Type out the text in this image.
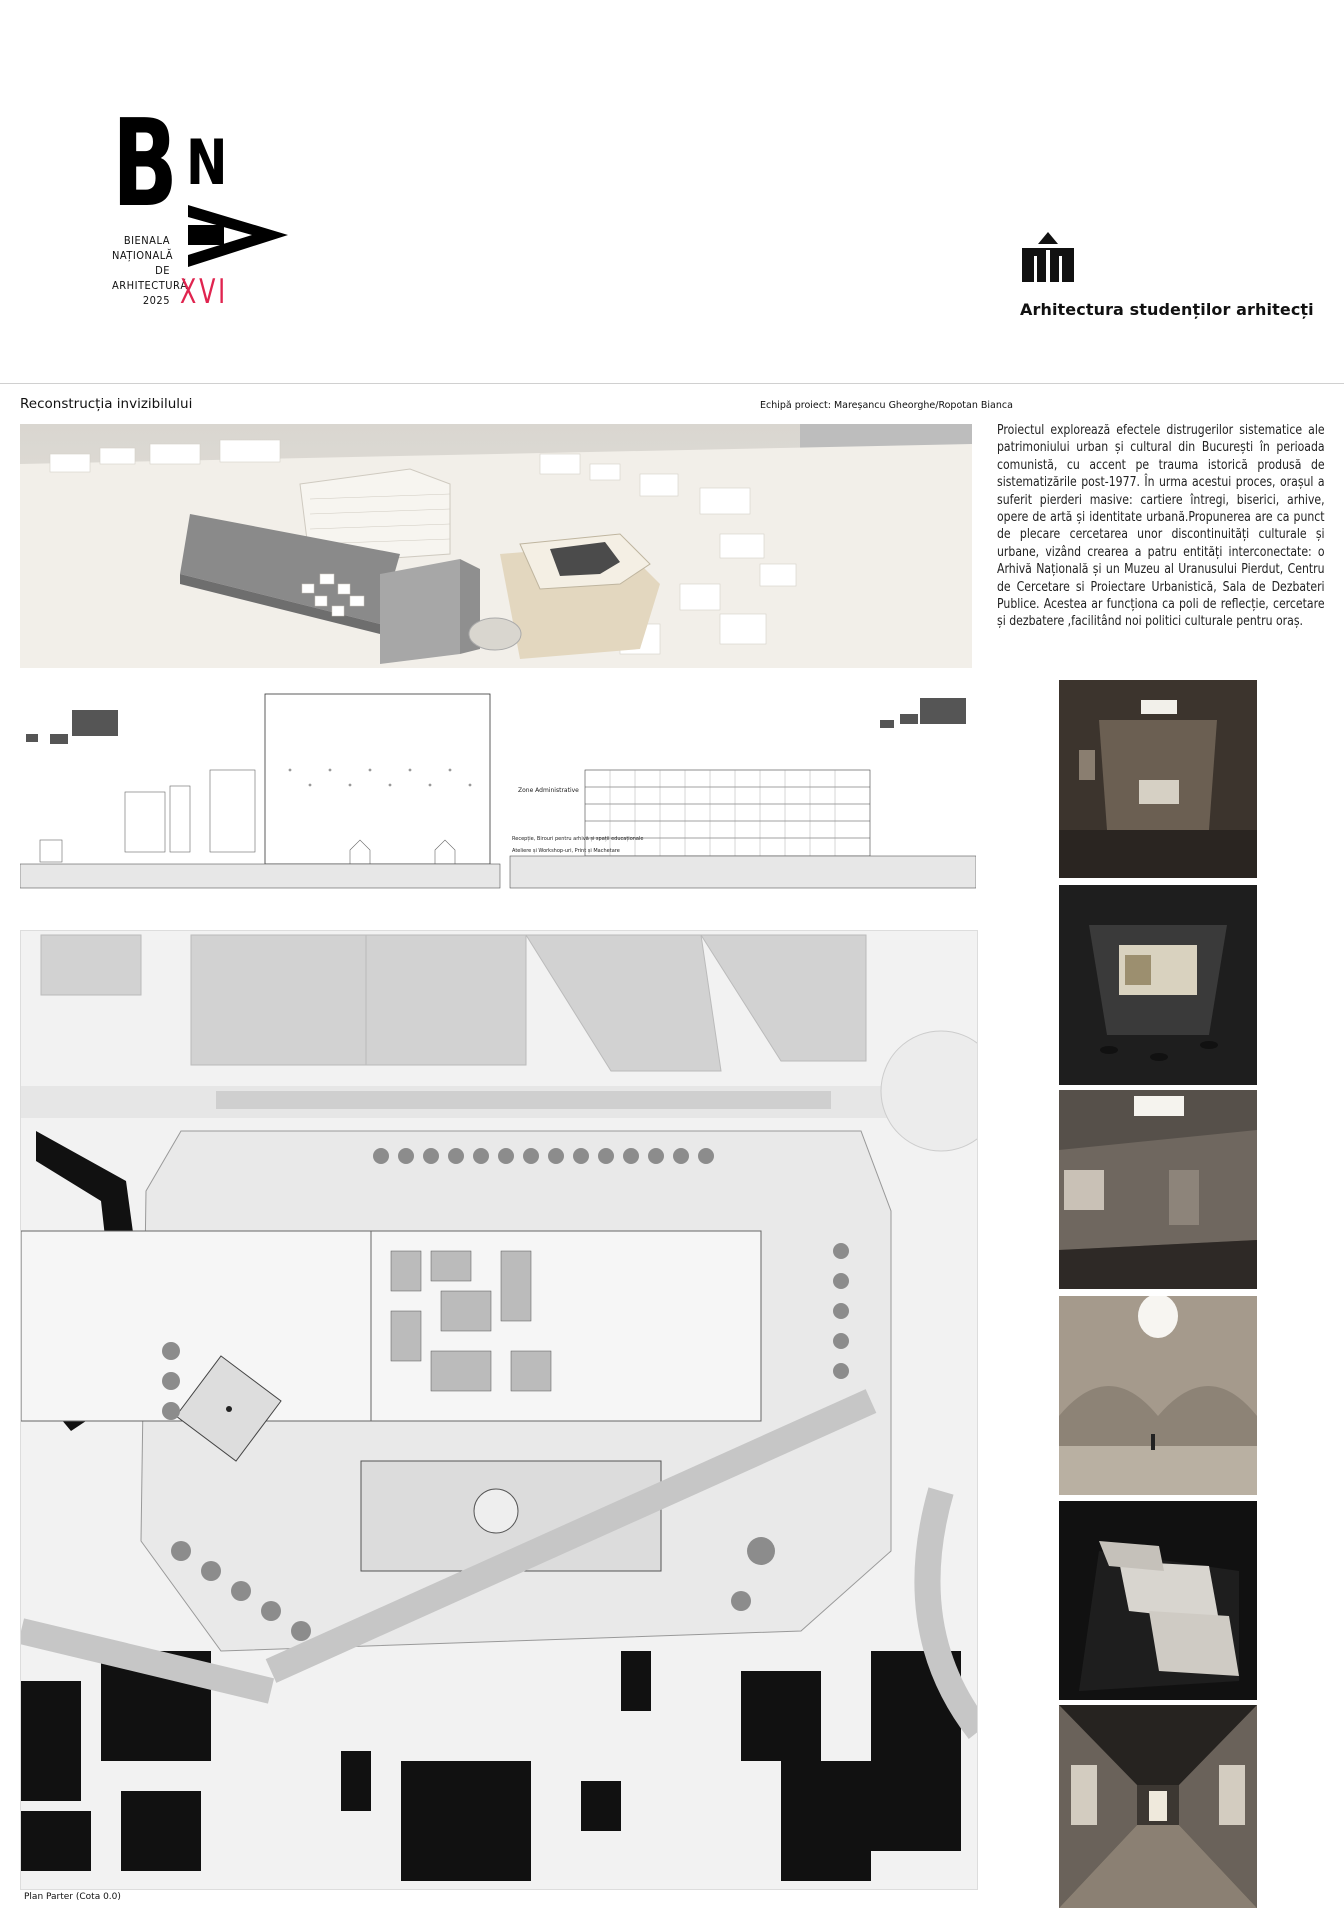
B N
BIENALA
NAȚIONALĂ
DE
ARHITECTURĂ
2025 XVI	Arhitectura studenților arhitecți
Reconstrucția invizibilului	Echipă proiect: Mareșancu Gheorghe/Ropotan Bianca
Zone Administrative
Recepție, Birouri pentru arhivă și spații educaționale
Ateliere și Workshop-uri, Print și Machetare
Proiectul explorează efectele distrugerilor sistematice ale patrimoniului urban și cultural din București în perioada comunistă, cu accent pe trauma istorică produsă de sistematizările post-1977. În urma acestui proces, orașul a suferit pierderi masive: cartiere întregi, biserici, arhive, opere de artă și identitate urbană.Propunerea are ca punct de plecare cercetarea unor discontinuități culturale și urbane, vizând crearea a patru entități interconectate: o Arhivă Națională și un Muzeu al Uranusului Pierdut, Centru de Cercetare si Proiectare Urbanistică, Sala de Dezbateri Publice. Acestea ar funcționa ca poli de reflecție, cercetare și dezbatere ,facilitând noi politici culturale pentru oraș.
Plan Parter (Cota 0.0)
